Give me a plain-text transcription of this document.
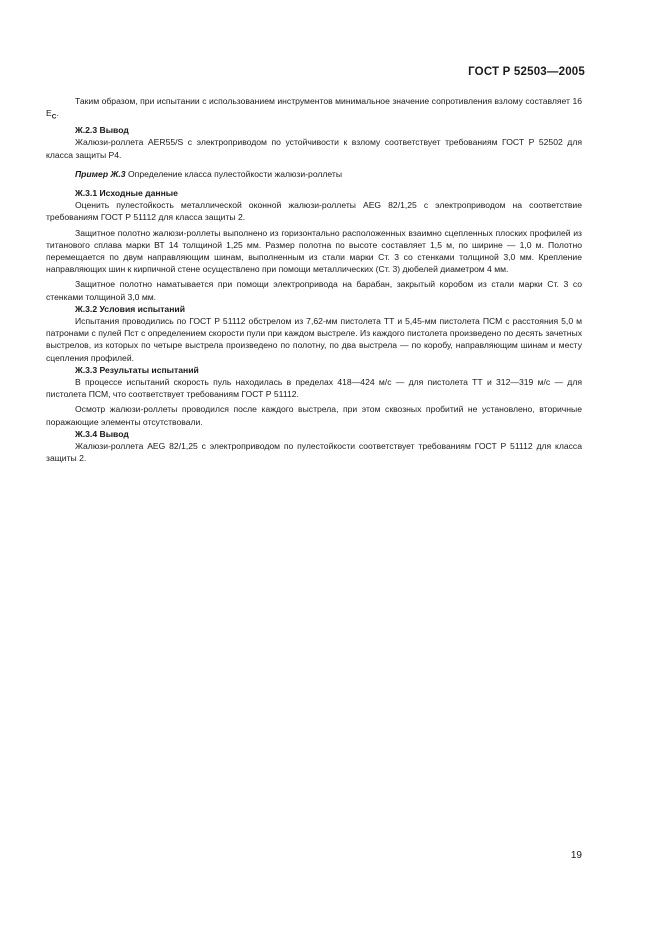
ГОСТ Р 52503—2005

Таким образом, при испытании с использованием инструментов минимальное значение сопротивления взлому составляет 16 $Е_С$.

Ж.2.3 Вывод

Жалюзи-роллета AER55/S с электроприводом по устойчивости к взлому соответствует требованиям ГОСТ Р 52502 для класса защиты Р4.

Пример Ж.3 Определение класса пулестойкости жалюзи-роллеты
Ж.3.1 Исходные данные

Оценить пулестойкость металлической оконной жалюзи-роллеты AEG 82/1,25 с электроприводом на соответствие требованиям ГОСТ Р 51112 для класса защиты 2.

Защитное полотно жалюзи-роллеты выполнено из горизонтально расположенных взаимно сцепленных плоских профилей из титанового сплава марки ВТ 14 толщиной 1,25 мм. Размер полотна по высоте составляет 1,5 м, по ширине — 1,0 м. Полотно перемещается по двум направляющим шинам, выполненным из стали марки Ст. 3 со стенками толщиной 3,0 мм. Крепление направляющих шин к кирпичной стене осуществлено при помощи металлических (Ст. 3) дюбелей диаметром 4 мм.

Защитное полотно наматывается при помощи электропривода на барабан, закрытый коробом из стали марки Ст. 3 со стенками толщиной 3,0 мм.

Ж.3.2 Условия испытаний

Испытания проводились по ГОСТ Р 51112 обстрелом из 7,62-мм пистолета ТТ и 5,45-мм пистолета ПСМ с расстояния 5,0 м патронами с пулей Пст с определением скорости пули при каждом выстреле. Из каждого пистолета произведено по десять зачетных выстрелов, из которых по четыре выстрела произведено по полотну, по два выстрела — по коробу, направляющим шинам и месту сцепления профилей.

Ж.3.3 Результаты испытаний

В процессе испытаний скорость пуль находилась в пределах 418—424 м/с — для пистолета ТТ и 312—319 м/с — для пистолета ПСМ, что соответствует требованиям ГОСТ Р 51112.

Осмотр жалюзи-роллеты проводился после каждого выстрела, при этом сквозных пробитий не установлено, вторичные поражающие элементы отсутствовали.

Ж.3.4 Вывод

Жалюзи-роллета AEG 82/1,25 с электроприводом по пулестойкости соответствует требованиям ГОСТ Р 51112 для класса защиты 2.

19
